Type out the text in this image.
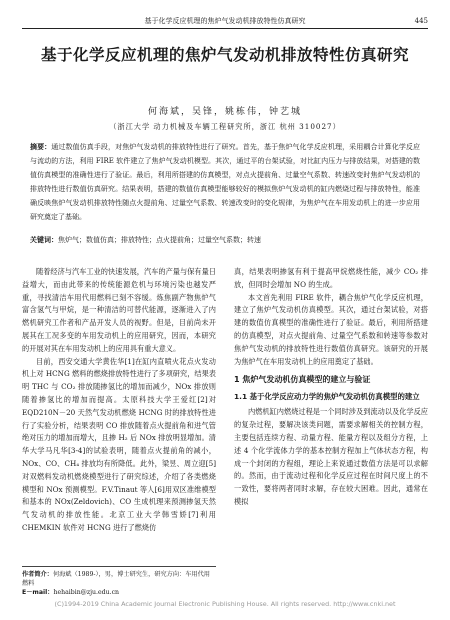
基于化学反应机理的焦炉气发动机排放特性仿真研究	445
基于化学反应机理的焦炉气发动机排放特性仿真研究
何海斌，吴锋，姚栋伟，钟艺城
（浙江大学 动力机械及车辆工程研究所，浙江 杭州 310027）
摘要：通过数值仿真手段，对焦炉气发动机的排放特性进行了研究。首先，基于焦炉气化学反应机理，采用耦合计算化学反应与流动的方法，利用 FIRE 软件建立了焦炉气发动机模型。其次，通过平的台架试验，对比缸内压力与排放结果，对搭建的数值仿真模型的准确性进行了验证。最后，利用所搭建的仿真模型，对点火提前角、过量空气系数、转速改变时焦炉气发动机的排放特性进行数值仿真研究。结果表明，搭建的数值仿真模型能够较好的模拟焦炉气发动机的缸内燃烧过程与排放特性，能准确反映焦炉气发动机排放特性随点火提前角、过量空气系数、转速改变时的变化规律，为焦炉气在车用发动机上的进一步应用研究奠定了基础。
关键词：焦炉气；数值仿真；排放特性；点火提前角；过量空气系数；转速

随着经济与汽车工业的快速发展，汽车的产量与保有量日益增大，而由此带来的传统能源危机与环境污染也越发严重，寻找清洁车用代用燃料已刻不容缓。炼焦副产物焦炉气富含氢气与甲烷，是一种清洁的可替代能源，逐渐进入了内燃机研究工作者和产品开发人员的视野。但是，目前尚未开展其在工况多变的车用发动机上的应用研究，因而，本研究的开展对其在车用发动机上的应用具有重大意义。

目前，西安交通大学黄佐华[1]在缸内直喷火花点火发动机上对 HCNG 燃料的燃烧排放特性进行了多项研究，结果表明 THC 与 CO₂ 排放随掺氢比的增加而减少，NOx 排放则随着掺氢比的增加而提高。太原科技大学王爱红[2]对 EQD210N－20 天然气发动机燃烧 HCNG 时的排放特性进行了实验分析，结果表明 CO 排放随着点火提前角和进气管绝对压力的增加而增大，且掺 H₂ 后 NOx 排放明显增加。清华大学马凡华[3-4]的试验表明，随着点火提前角的减小，NOx、CO、CH₄ 排放均有所降低。此外，梁昱、周立迎[5]对双燃料发动机燃烧模型进行了研究综述，介绍了各类燃烧模型和 NOx 预测模型。F.V.Tinaut 等人[6]用双区准维模型和基本的 NOx(Zeldovich)、CO 生成机理来预测掺氢天然气发动机的排放性能。北京工业大学韩雪娇[7]利用 CHEMKIN 软件对 HCNG 进行了燃烧仿

真，结果表明掺氢有利于提高甲烷燃烧性能，减少 CO₂ 排放，但同时会增加 NO 的生成。

本文首先利用 FIRE 软件，耦合焦炉气化学反应机理，建立了焦炉气发动机仿真模型。其次，通过台架试验，对搭建的数值仿真模型的准确性进行了验证。最后，利用所搭建的仿真模型，对点火提前角、过量空气系数和转速等参数对焦炉气发动机的排放特性进行数值仿真研究。该研究的开展为焦炉气在车用发动机上的应用奠定了基础。

1 焦炉气发动机仿真模型的建立与验证
1.1 基于化学反应动力学的焦炉气发动机仿真模型的建立

内燃机缸内燃烧过程是一个同时涉及到流动以及化学反应的复杂过程，要解决该类问题，需要求解相关的控制方程，主要包括连续方程、动量方程、能量方程以及组分方程，上述 4 个化学流体力学的基本控制方程加上气体状态方程，构成一个封闭的方程组，理论上来说通过数值方法是可以求解的。然而，由于流动过程和化学反应过程在时间尺度上的不一致性，要将两者同时求解，存在较大困难。因此，通常在模拟

作者简介：何海斌（1989-），男，博士研究生，研究方向：车用代用燃料
E－mail：hehaibin@zju.edu.cn
(C)1994-2019 China Academic Journal Electronic Publishing House. All rights reserved. http://www.cnki.net
